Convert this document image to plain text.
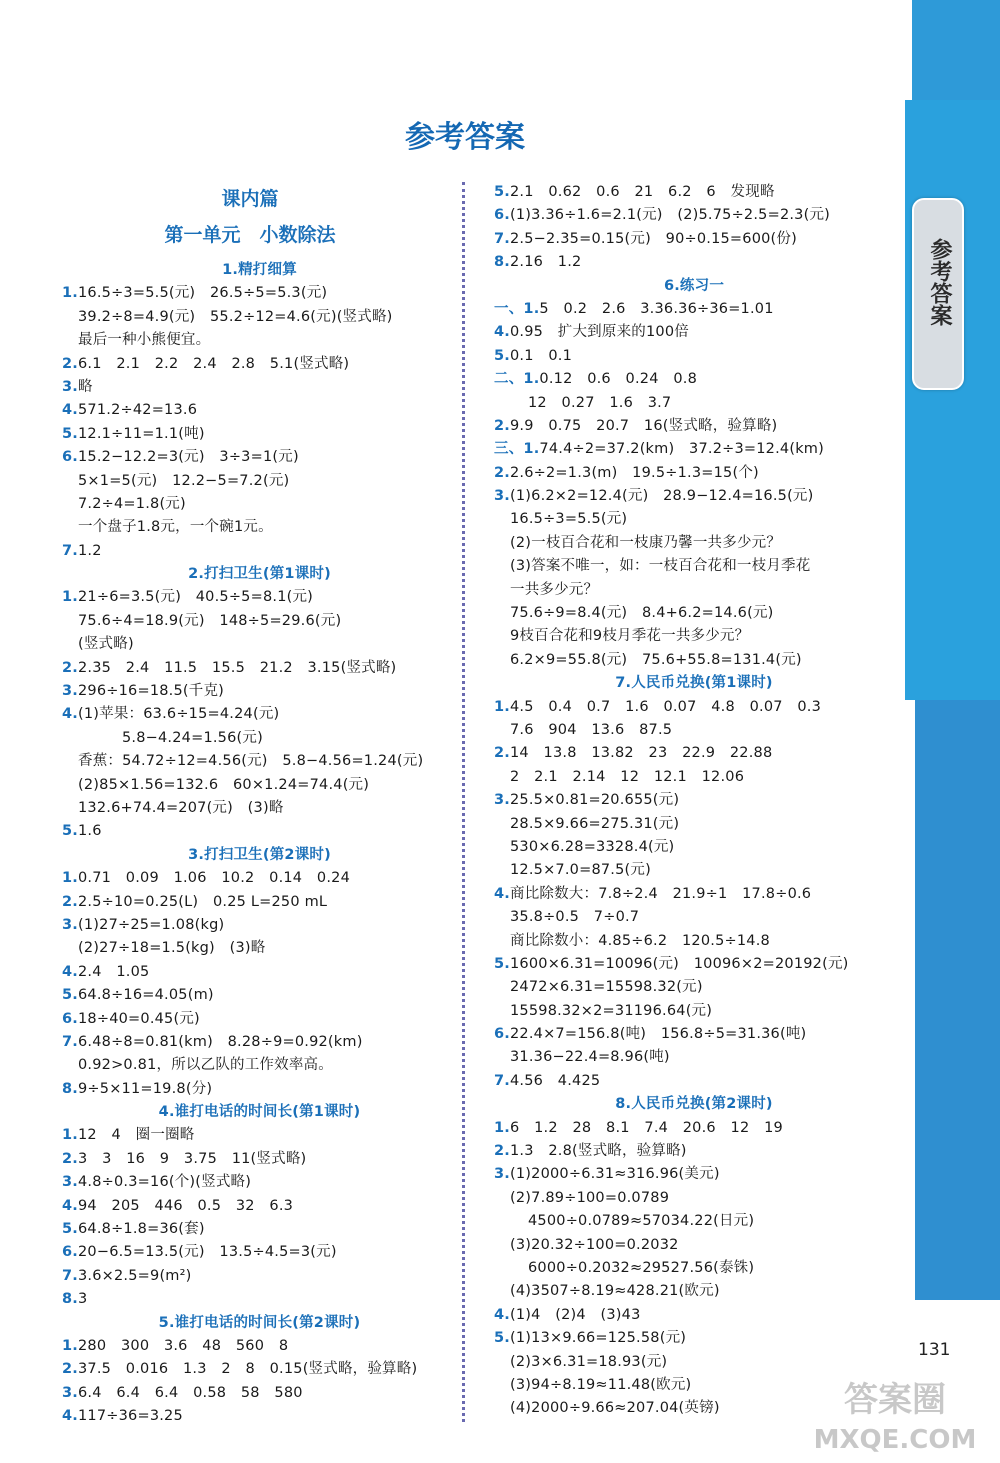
参考答案
参考答案
课内篇
第一单元　小数除法
1.精打细算
1.16.5÷3=5.5(元)　26.5÷5=5.3(元)
39.2÷8=4.9(元)　55.2÷12=4.6(元)(竖式略)
最后一种小熊便宜。
2.6.1　2.1　2.2　2.4　2.8　5.1(竖式略)
3.略
4.571.2÷42=13.6
5.12.1÷11=1.1(吨)
6.15.2−12.2=3(元)　3÷3=1(元)
5×1=5(元)　12.2−5=7.2(元)
7.2÷4=1.8(元)
一个盘子1.8元，一个碗1元。
7.1.2
2.打扫卫生(第1课时)
1.21÷6=3.5(元)　40.5÷5=8.1(元)
75.6÷4=18.9(元)　148÷5=29.6(元)
(竖式略)
2.2.35　2.4　11.5　15.5　21.2　3.15(竖式略)
3.296÷16=18.5(千克)
4.(1)苹果：63.6÷15=4.24(元)
5.8−4.24=1.56(元)
香蕉：54.72÷12=4.56(元)　5.8−4.56=1.24(元)
(2)85×1.56=132.6　60×1.24=74.4(元)
132.6+74.4=207(元)　(3)略
5.1.6
3.打扫卫生(第2课时)
1.0.71　0.09　1.06　10.2　0.14　0.24
2.2.5÷10=0.25(L)　0.25 L=250 mL
3.(1)27÷25=1.08(kg)
(2)27÷18=1.5(kg)　(3)略
4.2.4　1.05
5.64.8÷16=4.05(m)
6.18÷40=0.45(元)
7.6.48÷8=0.81(km)　8.28÷9=0.92(km)
0.92>0.81，所以乙队的工作效率高。
8.9÷5×11=19.8(分)
4.谁打电话的时间长(第1课时)
1.12　4　圈一圈略
2.3　3　16　9　3.75　11(竖式略)
3.4.8÷0.3=16(个)(竖式略)
4.94　205　446　0.5　32　6.3
5.64.8÷1.8=36(套)
6.20−6.5=13.5(元)　13.5÷4.5=3(元)
7.3.6×2.5=9(m²)
8.3
5.谁打电话的时间长(第2课时)
1.280　300　3.6　48　560　8
2.37.5　0.016　1.3　2　8　0.15(竖式略，验算略)
3.6.4　6.4　6.4　0.58　58　580
4.117÷36=3.25
5.2.1　0.62　0.6　21　6.2　6　发现略
6.(1)3.36÷1.6=2.1(元)　(2)5.75÷2.5=2.3(元)
7.2.5−2.35=0.15(元)　90÷0.15=600(份)
8.2.16　1.2
6.练习一
一、1.5　0.2　2.6　3.36.36÷36=1.01
4.0.95　扩大到原来的100倍
5.0.1　0.1
二、1.0.12　0.6　0.24　0.8
12　0.27　1.6　3.7
2.9.9　0.75　20.7　16(竖式略，验算略)
三、1.74.4÷2=37.2(km)　37.2÷3=12.4(km)
2.2.6÷2=1.3(m)　19.5÷1.3=15(个)
3.(1)6.2×2=12.4(元)　28.9−12.4=16.5(元)
16.5÷3=5.5(元)
(2)一枝百合花和一枝康乃馨一共多少元？
(3)答案不唯一，如：一枝百合花和一枝月季花
一共多少元？
75.6÷9=8.4(元)　8.4+6.2=14.6(元)
9枝百合花和9枝月季花一共多少元？
6.2×9=55.8(元)　75.6+55.8=131.4(元)
7.人民币兑换(第1课时)
1.4.5　0.4　0.7　1.6　0.07　4.8　0.07　0.3
7.6　904　13.6　87.5
2.14　13.8　13.82　23　22.9　22.88
2　2.1　2.14　12　12.1　12.06
3.25.5×0.81=20.655(元)
28.5×9.66=275.31(元)
530×6.28=3328.4(元)
12.5×7.0=87.5(元)
4.商比除数大：7.8÷2.4　21.9÷1　17.8÷0.6
35.8÷0.5　7÷0.7
商比除数小：4.85÷6.2　120.5÷14.8
5.1600×6.31=10096(元)　10096×2=20192(元)
2472×6.31=15598.32(元)
15598.32×2=31196.64(元)
6.22.4×7=156.8(吨)　156.8÷5=31.36(吨)
31.36−22.4=8.96(吨)
7.4.56　4.425
8.人民币兑换(第2课时)
1.6　1.2　28　8.1　7.4　20.6　12　19
2.1.3　2.8(竖式略，验算略)
3.(1)2000÷6.31≈316.96(美元)
(2)7.89÷100=0.0789
4500÷0.0789≈57034.22(日元)
(3)20.32÷100=0.2032
6000÷0.2032≈29527.56(泰铢)
(4)3507÷8.19≈428.21(欧元)
4.(1)4　(2)4　(3)43
5.(1)13×9.66=125.58(元)
(2)3×6.31=18.93(元)
(3)94÷8.19≈11.48(欧元)
(4)2000÷9.66≈207.04(英镑)
131
答案圈
MXQE.COM
